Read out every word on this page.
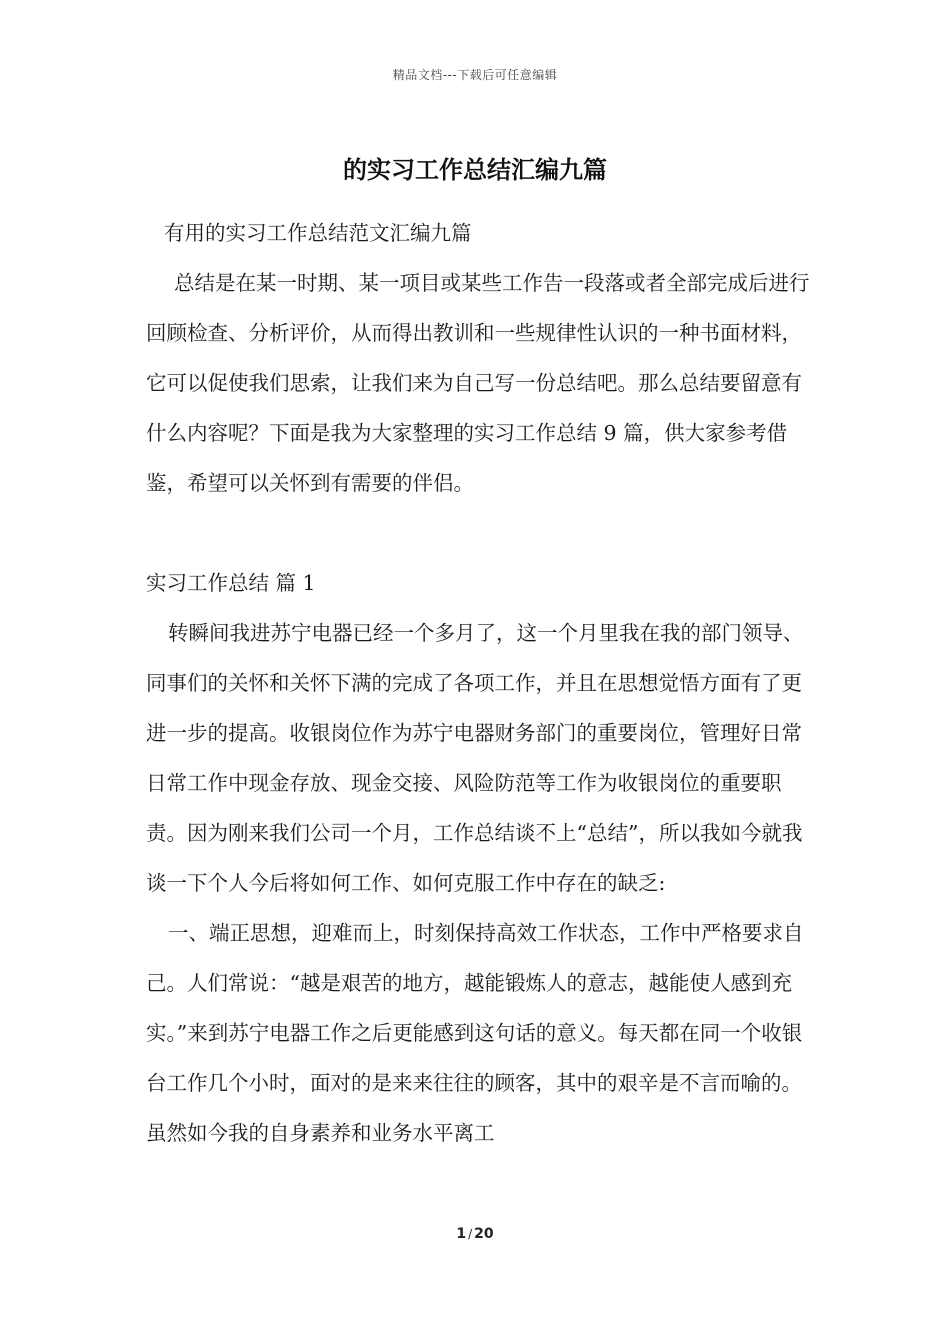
精品文档---下载后可任意编辑
的实习工作总结汇编九篇

有用的实习工作总结范文汇编九篇

总结是在某一时期、某一项目或某些工作告一段落或者全部完成后进行回顾检查、分析评价，从而得出教训和一些规律性认识的一种书面材料，它可以促使我们思索，让我们来为自己写一份总结吧。那么总结要留意有什么内容呢？下面是我为大家整理的实习工作总结 9 篇，供大家参考借鉴，希望可以关怀到有需要的伴侣。

实习工作总结 篇 1

转瞬间我进苏宁电器已经一个多月了，这一个月里我在我的部门领导、同事们的关怀和关怀下满的完成了各项工作，并且在思想觉悟方面有了更进一步的提高。收银岗位作为苏宁电器财务部门的重要岗位，管理好日常日常工作中现金存放、现金交接、风险防范等工作为收银岗位的重要职责。因为刚来我们公司一个月，工作总结谈不上“总结”，所以我如今就我谈一下个人今后将如何工作、如何克服工作中存在的缺乏:

一、端正思想，迎难而上，时刻保持高效工作状态，工作中严格要求自己。人们常说：“越是艰苦的地方，越能锻炼人的意志，越能使人感到充实。”来到苏宁电器工作之后更能感到这句话的意义。每天都在同一个收银台工作几个小时，面对的是来来往往的顾客，其中的艰辛是不言而喻的。虽然如今我的自身素养和业务水平离工

1 / 20
